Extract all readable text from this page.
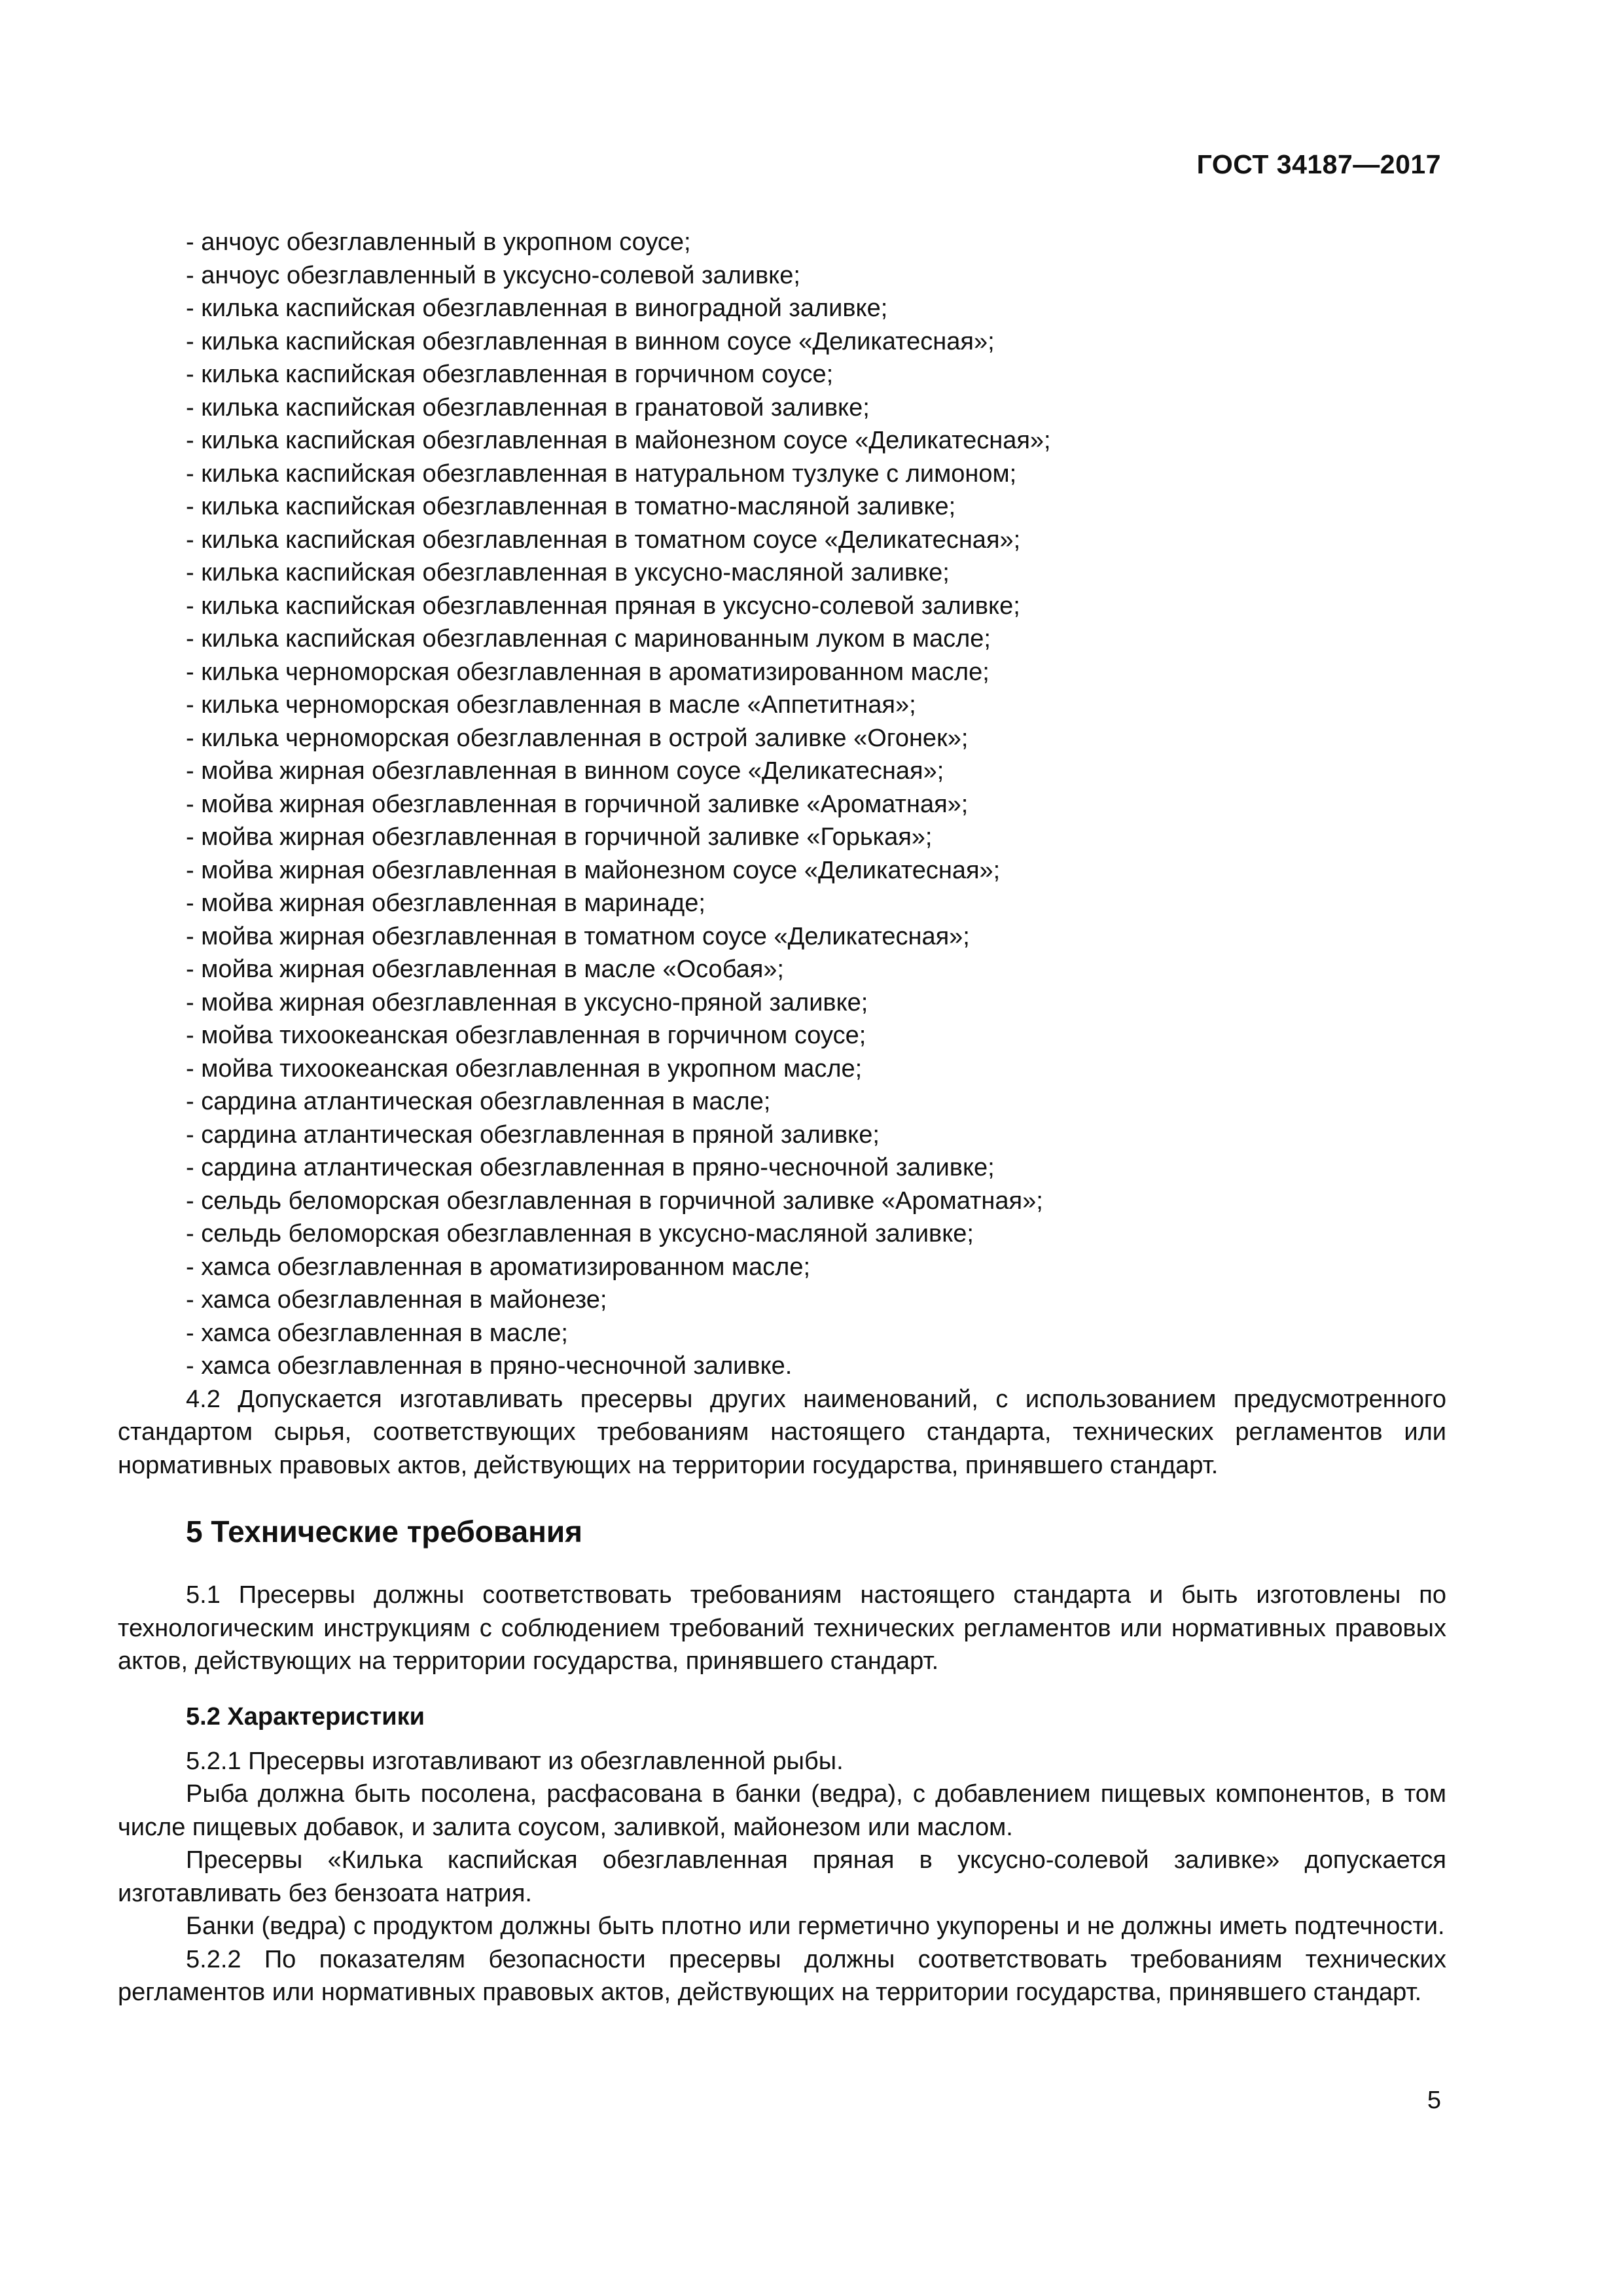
ГОСТ 34187—2017
- анчоус обезглавленный в укропном соусе;
- анчоус обезглавленный в уксусно-солевой заливке;
- килька каспийская обезглавленная в виноградной заливке;
- килька каспийская обезглавленная в винном соусе «Деликатесная»;
- килька каспийская обезглавленная в горчичном соусе;
- килька каспийская обезглавленная в гранатовой заливке;
- килька каспийская обезглавленная в майонезном соусе «Деликатесная»;
- килька каспийская обезглавленная в натуральном тузлуке с лимоном;
- килька каспийская обезглавленная в томатно-масляной заливке;
- килька каспийская обезглавленная в томатном соусе «Деликатесная»;
- килька каспийская обезглавленная в уксусно-масляной заливке;
- килька каспийская обезглавленная пряная в уксусно-солевой заливке;
- килька каспийская обезглавленная с маринованным луком в масле;
- килька черноморская обезглавленная в ароматизированном масле;
- килька черноморская обезглавленная в масле «Аппетитная»;
- килька черноморская обезглавленная в острой заливке «Огонек»;
- мойва жирная обезглавленная в винном соусе «Деликатесная»;
- мойва жирная обезглавленная в горчичной заливке «Ароматная»;
- мойва жирная обезглавленная в горчичной заливке «Горькая»;
- мойва жирная обезглавленная в майонезном соусе «Деликатесная»;
- мойва жирная обезглавленная в маринаде;
- мойва жирная обезглавленная в томатном соусе «Деликатесная»;
- мойва жирная обезглавленная в масле «Особая»;
- мойва жирная обезглавленная в уксусно-пряной заливке;
- мойва тихоокеанская обезглавленная в горчичном соусе;
- мойва тихоокеанская обезглавленная в укропном масле;
- сардина атлантическая обезглавленная в масле;
- сардина атлантическая обезглавленная в пряной заливке;
- сардина атлантическая обезглавленная в пряно-чесночной заливке;
- сельдь беломорская обезглавленная в горчичной заливке «Ароматная»;
- сельдь беломорская обезглавленная в уксусно-масляной заливке;
- хамса обезглавленная в ароматизированном масле;
- хамса обезглавленная в майонезе;
- хамса обезглавленная в масле;
- хамса обезглавленная в пряно-чесночной заливке.

4.2 Допускается изготавливать пресервы других наименований, с использованием предусмотренного стандартом сырья, соответствующих требованиям настоящего стандарта, технических регламентов или нормативных правовых актов, действующих на территории государства, принявшего стандарт.

5 Технические требования

5.1 Пресервы должны соответствовать требованиям настоящего стандарта и быть изготовлены по технологическим инструкциям с соблюдением требований технических регламентов или нормативных правовых актов, действующих на территории государства, принявшего стандарт.

5.2 Характеристики

5.2.1 Пресервы изготавливают из обезглавленной рыбы.

Рыба должна быть посолена, расфасована в банки (ведра), с добавлением пищевых компонентов, в том числе пищевых добавок, и залита соусом, заливкой, майонезом или маслом.

Пресервы «Килька каспийская обезглавленная пряная в уксусно-солевой заливке» допускается изготавливать без бензоата натрия.

Банки (ведра) с продуктом должны быть плотно или герметично укупорены и не должны иметь подтечности.

5.2.2 По показателям безопасности пресервы должны соответствовать требованиям технических регламентов или нормативных правовых актов, действующих на территории государства, принявшего стандарт.

5
